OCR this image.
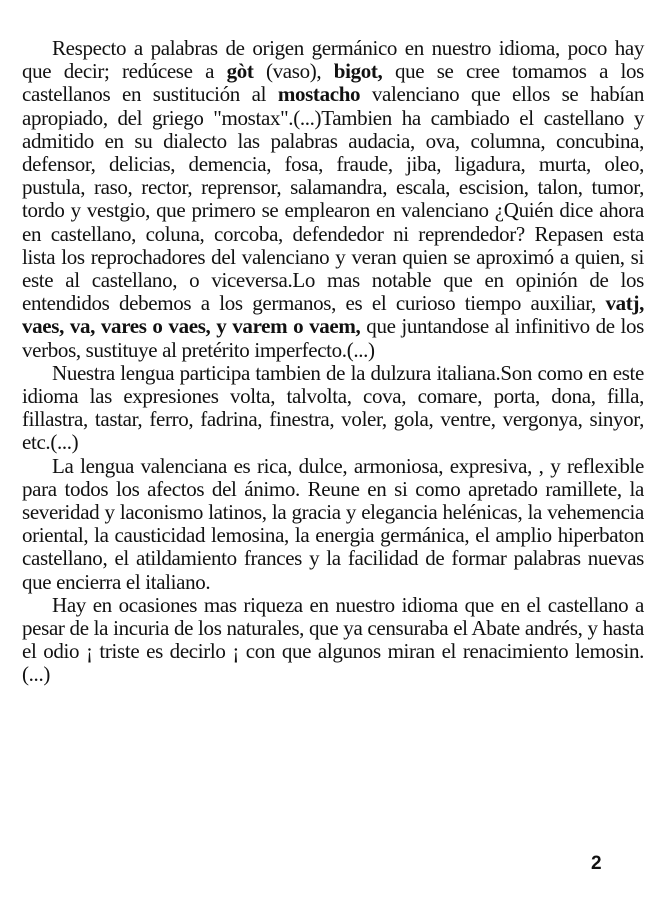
Respecto a palabras de origen germánico en nuestro idioma, poco hay que decir; redúcese a gòt (vaso), bigot, que se cree tomamos a los castellanos en sustitución al mostacho valenciano que ellos se habían apropiado, del griego "mostax".(...)Tambien ha cambiado el castellano y admitido en su dialecto las palabras audacia, ova, columna, concubina, defensor, delicias, demencia, fosa, fraude, jiba, ligadura, murta, oleo, pustula, raso, rector, reprensor, salamandra, escala, escision, talon, tumor, tordo y vestgio, que primero se emplearon en valenciano ¿Quién dice ahora en castellano, coluna, corcoba, defendedor ni reprendedor? Repasen esta lista los reprochadores del valenciano y veran quien se aproximó a quien, si este al castellano, o viceversa.Lo mas notable que en opinión de los entendidos debemos a los germanos, es el curioso tiempo auxiliar, vatj, vaes, va, vares o vaes, y varem o vaem, que juntandose al infinitivo de los verbos, sustituye al pretérito imperfecto.(...)

Nuestra lengua participa tambien de la dulzura italiana.Son como en este idioma las expresiones volta, talvolta, cova, comare, porta, dona, filla, fillastra, tastar, ferro, fadrina, finestra, voler, gola, ventre, vergonya, sinyor, etc.(...)

La lengua valenciana es rica, dulce, armoniosa, expresiva, , y reflexible para todos los afectos del ánimo. Reune en si como apretado ramillete, la severidad y laconismo latinos, la gracia y elegancia helénicas, la vehemencia oriental, la causticidad lemosina, la energia germánica, el amplio hiperbaton castellano, el atildamiento frances y la facilidad de formar palabras nuevas que encierra el italiano.

Hay en ocasiones mas riqueza en nuestro idioma que en el castellano a pesar de la incuria de los naturales, que ya censuraba el Abate andrés, y hasta el odio ¡ triste es decirlo ¡ con que algunos miran el renacimiento lemosin.(...)

2
